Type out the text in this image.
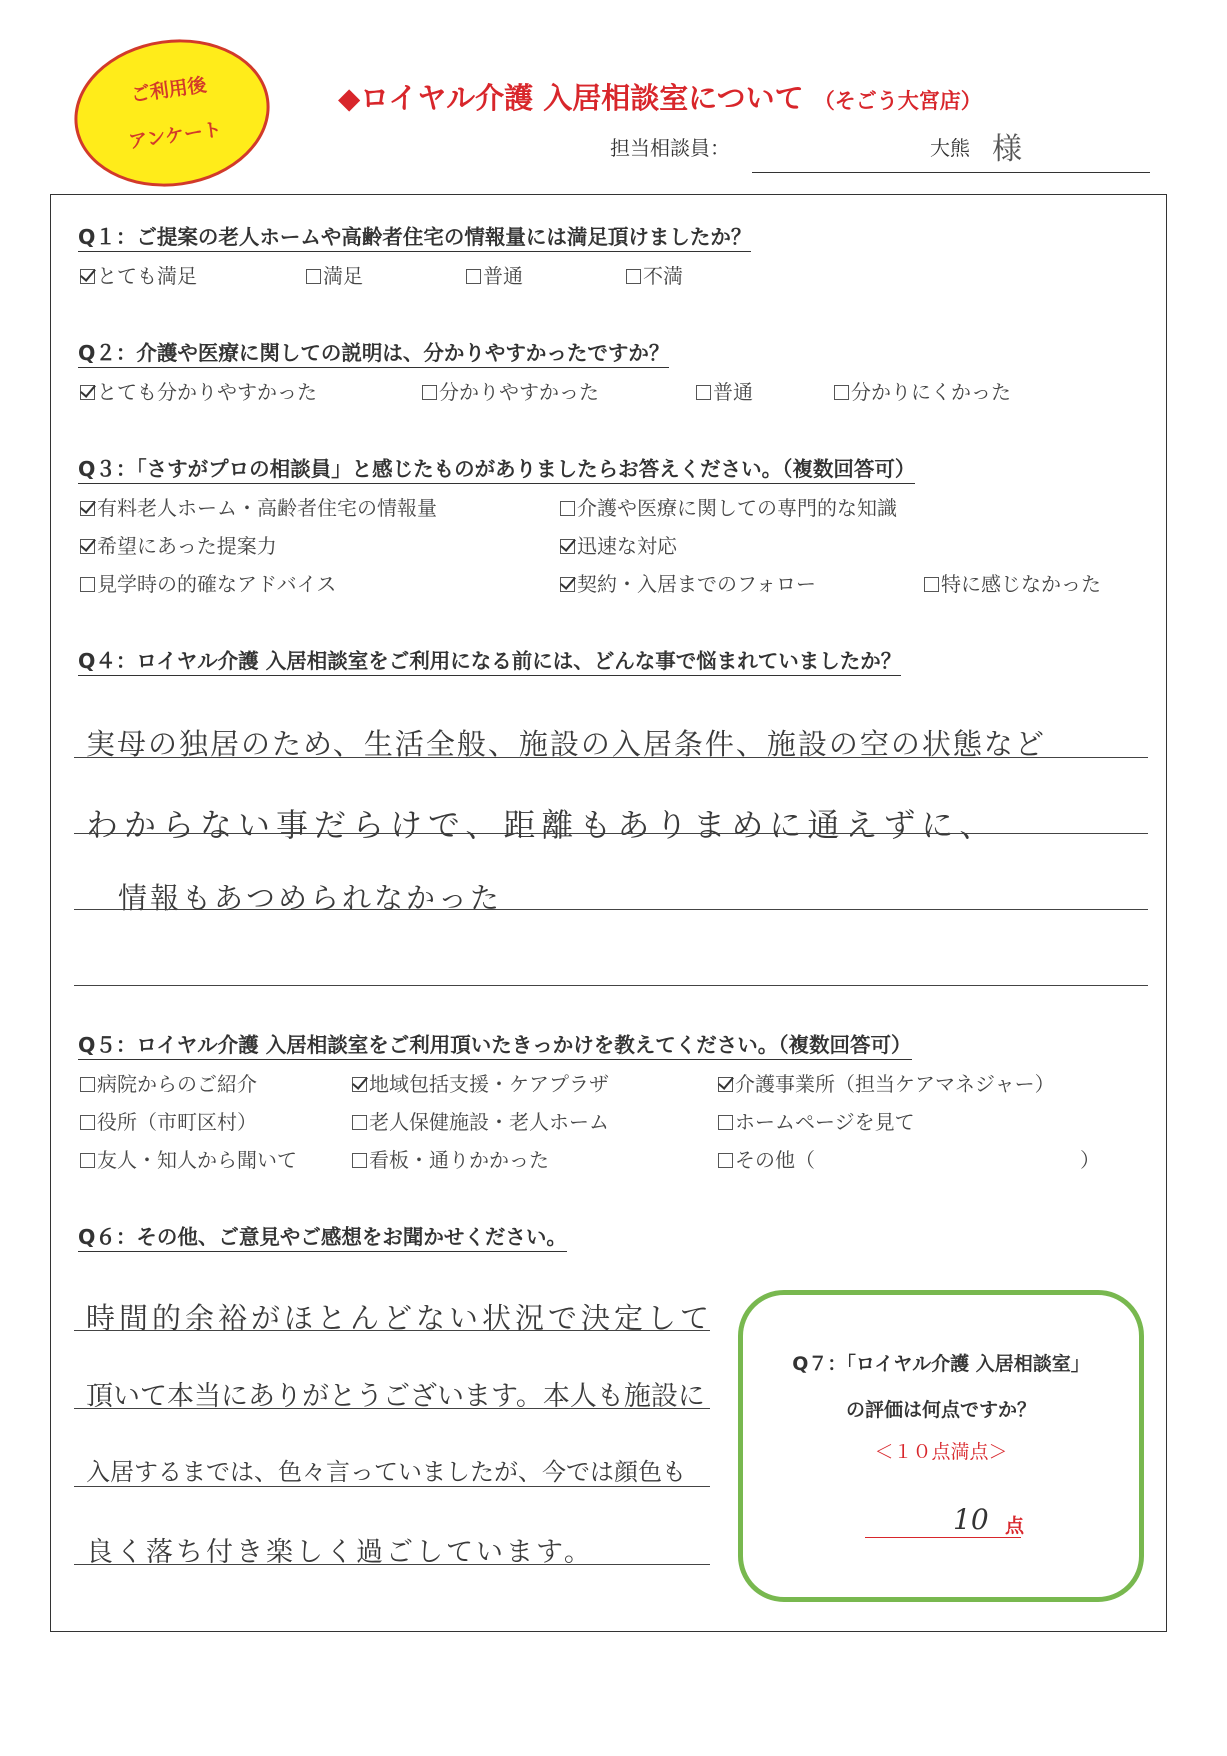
ご利用後
アンケート
◆ロイヤル介護 入居相談室について （そごう大宮店）
担当相談員：	大熊 様
Q１：ご提案の老人ホームや高齢者住宅の情報量には満足頂けましたか？
とても満足	満足	普通	不満
Q２：介護や医療に関しての説明は、分かりやすかったですか？
とても分かりやすかった	分かりやすかった	普通	分かりにくかった
Q３：「さすがプロの相談員」と感じたものがありましたらお答えください。（複数回答可）
有料老人ホーム・高齢者住宅の情報量	介護や医療に関しての専門的な知識
希望にあった提案力	迅速な対応
見学時の的確なアドバイス	契約・入居までのフォロー	特に感じなかった
Q４：ロイヤル介護 入居相談室をご利用になる前には、どんな事で悩まれていましたか？
実母の独居のため、生活全般、施設の入居条件、施設の空の状態など
わからない事だらけで、距離もありまめに通えずに、
情報もあつめられなかった
Q５：ロイヤル介護 入居相談室をご利用頂いたきっかけを教えてください。（複数回答可）
病院からのご紹介	地域包括支援・ケアプラザ	介護事業所（担当ケアマネジャー）
役所（市町区村）	老人保健施設・老人ホーム	ホームページを見て
友人・知人から聞いて	看板・通りかかった	その他（	）
Q６：その他、ご意見やご感想をお聞かせください。
時間的余裕がほとんどない状況で決定して
頂いて本当にありがとうございます。本人も施設に
入居するまでは、色々言っていましたが、今では顔色も
良く落ち付き楽しく過ごしています。
Q７：「ロイヤル介護 入居相談室」
の評価は何点ですか？
＜１０点満点＞
10 点
